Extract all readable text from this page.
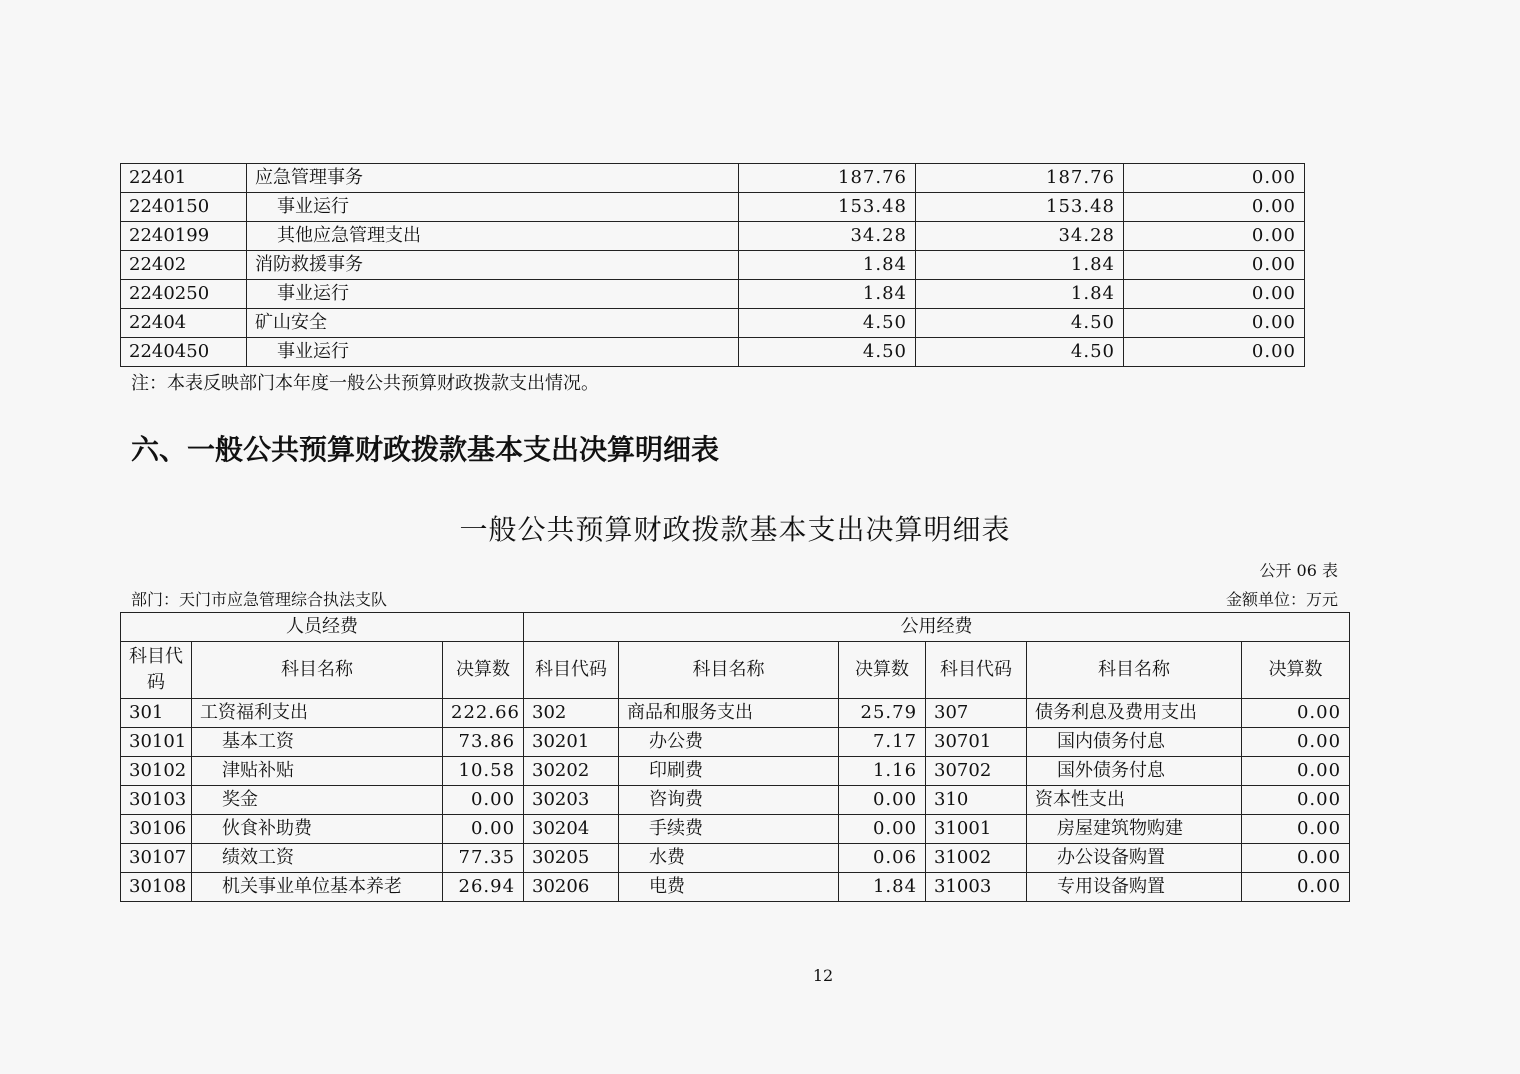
22401	应急管理事务	187.76	187.76	0.00
2240150	事业运行	153.48	153.48	0.00
2240199	其他应急管理支出	34.28	34.28	0.00
22402	消防救援事务	1.84	1.84	0.00
2240250	事业运行	1.84	1.84	0.00
22404	矿山安全	4.50	4.50	0.00
2240450	事业运行	4.50	4.50	0.00
注：本表反映部门本年度一般公共预算财政拨款支出情况。
六、一般公共预算财政拨款基本支出决算明细表
一般公共预算财政拨款基本支出决算明细表
公开 06 表
部门：天门市应急管理综合执法支队	金额单位：万元
人员经费			公用经费					
科目代码	科目名称	决算数	科目代码	科目名称	决算数	科目代码	科目名称	决算数
301	工资福利支出	222.66	302	商品和服务支出	25.79	307	债务利息及费用支出	0.00
30101	基本工资	73.86	30201	办公费	7.17	30701	国内债务付息	0.00
30102	津贴补贴	10.58	30202	印刷费	1.16	30702	国外债务付息	0.00
30103	奖金	0.00	30203	咨询费	0.00	310	资本性支出	0.00
30106	伙食补助费	0.00	30204	手续费	0.00	31001	房屋建筑物购建	0.00
30107	绩效工资	77.35	30205	水费	0.06	31002	办公设备购置	0.00
30108	机关事业单位基本养老	26.94	30206	电费	1.84	31003	专用设备购置	0.00
12
